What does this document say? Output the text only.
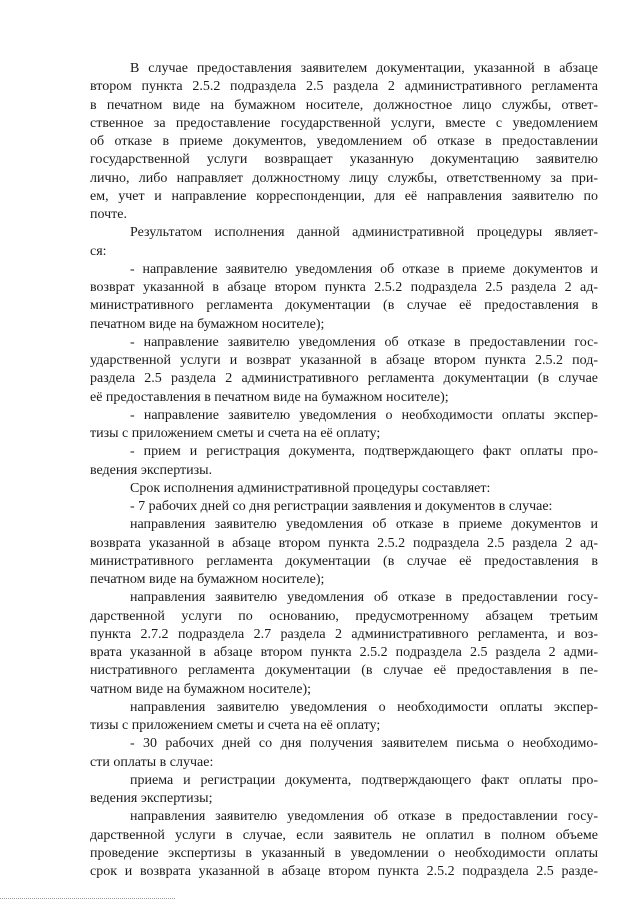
В случае предоставления заявителем документации, указанной в абзаце
втором пункта 2.5.2 подраздела 2.5 раздела 2 административного регламента
в печатном виде на бумажном носителе, должностное лицо службы, ответ-
ственное за предоставление государственной услуги, вместе с уведомлением
об отказе в приеме документов, уведомлением об отказе в предоставлении
государственной услуги возвращает указанную документацию заявителю
лично, либо направляет должностному лицу службы, ответственному за при-
ем, учет и направление корреспонденции, для её направления заявителю по
почте.
Результатом исполнения данной административной процедуры являет-
ся:
- направление заявителю уведомления об отказе в приеме документов и
возврат указанной в абзаце втором пункта 2.5.2 подраздела 2.5 раздела 2 ад-
министративного регламента документации (в случае её предоставления в
печатном виде на бумажном носителе);
- направление заявителю уведомления об отказе в предоставлении гос-
ударственной услуги и возврат указанной в абзаце втором пункта 2.5.2 под-
раздела 2.5 раздела 2 административного регламента документации (в случае
её предоставления в печатном виде на бумажном носителе);
- направление заявителю уведомления о необходимости оплаты экспер-
тизы с приложением сметы и счета на её оплату;
- прием и регистрация документа, подтверждающего факт оплаты про-
ведения экспертизы.
Срок исполнения административной процедуры составляет:
- 7 рабочих дней со дня регистрации заявления и документов в случае:
направления заявителю уведомления об отказе в приеме документов и
возврата указанной в абзаце втором пункта 2.5.2 подраздела 2.5 раздела 2 ад-
министративного регламента документации (в случае её предоставления в
печатном виде на бумажном носителе);
направления заявителю уведомления об отказе в предоставлении госу-
дарственной услуги по основанию, предусмотренному абзацем третьим
пункта 2.7.2 подраздела 2.7 раздела 2 административного регламента, и воз-
врата указанной в абзаце втором пункта 2.5.2 подраздела 2.5 раздела 2 адми-
нистративного регламента документации (в случае её предоставления в пе-
чатном виде на бумажном носителе);
направления заявителю уведомления о необходимости оплаты экспер-
тизы с приложением сметы и счета на её оплату;
- 30 рабочих дней со дня получения заявителем письма о необходимо-
сти оплаты в случае:
приема и регистрации документа, подтверждающего факт оплаты про-
ведения экспертизы;
направления заявителю уведомления об отказе в предоставлении госу-
дарственной услуги в случае, если заявитель не оплатил в полном объеме
проведение экспертизы в указанный в уведомлении о необходимости оплаты
срок и возврата указанной в абзаце втором пункта 2.5.2 подраздела 2.5 разде-
